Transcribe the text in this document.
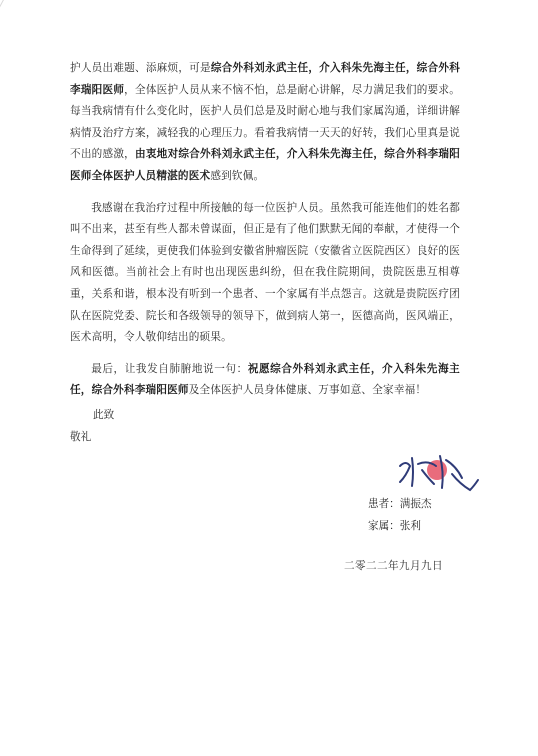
护人员出难题、添麻烦，可是综合外科刘永武主任，介入科朱先海主任，综合外科李瑞阳医师，全体医护人员从来不恼不怕，总是耐心讲解，尽力满足我们的要求。每当我病情有什么变化时，医护人员们总是及时耐心地与我们家属沟通，详细讲解病情及治疗方案，减轻我的心理压力。看着我病情一天天的好转，我们心里真是说不出的感激，由衷地对综合外科刘永武主任，介入科朱先海主任，综合外科李瑞阳医师全体医护人员精湛的医术感到钦佩。

我感谢在我治疗过程中所接触的每一位医护人员。虽然我可能连他们的姓名都叫不出来，甚至有些人都未曾谋面，但正是有了他们默默无闻的奉献，才使得一个生命得到了延续，更使我们体验到安徽省肿瘤医院（安徽省立医院西区）良好的医风和医德。当前社会上有时也出现医患纠纷，但在我住院期间，贵院医患互相尊重，关系和谐，根本没有听到一个患者、一个家属有半点怨言。这就是贵院医疗团队在医院党委、院长和各级领导的领导下，做到病人第一，医德高尚，医风端正，医术高明，令人敬仰结出的硕果。

最后，让我发自肺腑地说一句：祝愿综合外科刘永武主任，介入科朱先海主任，综合外科李瑞阳医师及全体医护人员身体健康、万事如意、全家幸福！

此致
敬礼
患者：满振杰
家属：张利
二零二二年九月九日
